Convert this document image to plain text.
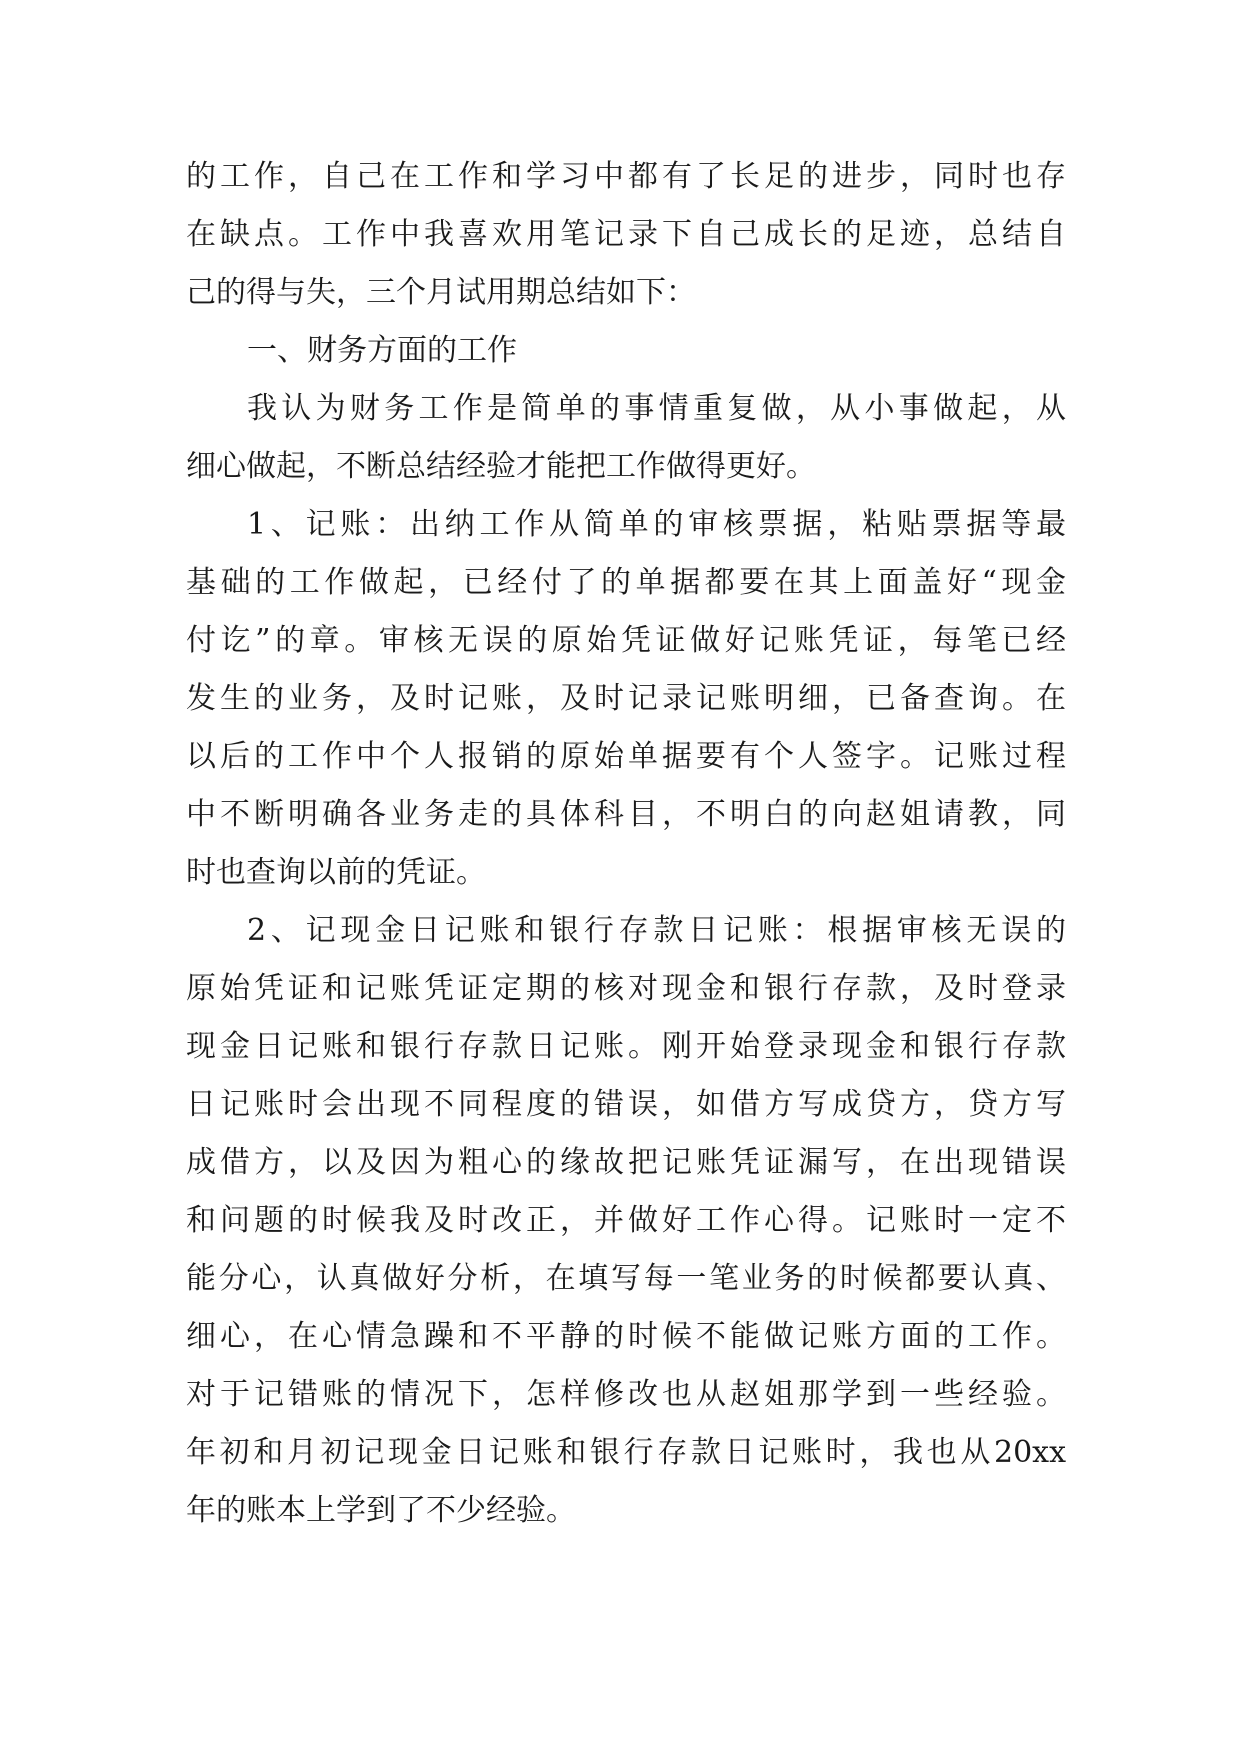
的工作，自己在工作和学习中都有了长足的进步，同时也存
在缺点。工作中我喜欢用笔记录下自己成长的足迹，总结自
己的得与失，三个月试用期总结如下：
一、财务方面的工作
我认为财务工作是简单的事情重复做，从小事做起，从
细心做起，不断总结经验才能把工作做得更好。
1、记账：出纳工作从简单的审核票据，粘贴票据等最
基础的工作做起，已经付了的单据都要在其上面盖好“现金
付讫”的章。审核无误的原始凭证做好记账凭证，每笔已经
发生的业务，及时记账，及时记录记账明细，已备查询。在
以后的工作中个人报销的原始单据要有个人签字。记账过程
中不断明确各业务走的具体科目，不明白的向赵姐请教，同
时也查询以前的凭证。
2、记现金日记账和银行存款日记账：根据审核无误的
原始凭证和记账凭证定期的核对现金和银行存款，及时登录
现金日记账和银行存款日记账。刚开始登录现金和银行存款
日记账时会出现不同程度的错误，如借方写成贷方，贷方写
成借方，以及因为粗心的缘故把记账凭证漏写，在出现错误
和问题的时候我及时改正，并做好工作心得。记账时一定不
能分心，认真做好分析，在填写每一笔业务的时候都要认真、
细心，在心情急躁和不平静的时候不能做记账方面的工作。
对于记错账的情况下，怎样修改也从赵姐那学到一些经验。
年初和月初记现金日记账和银行存款日记账时，我也从20xx
年的账本上学到了不少经验。
